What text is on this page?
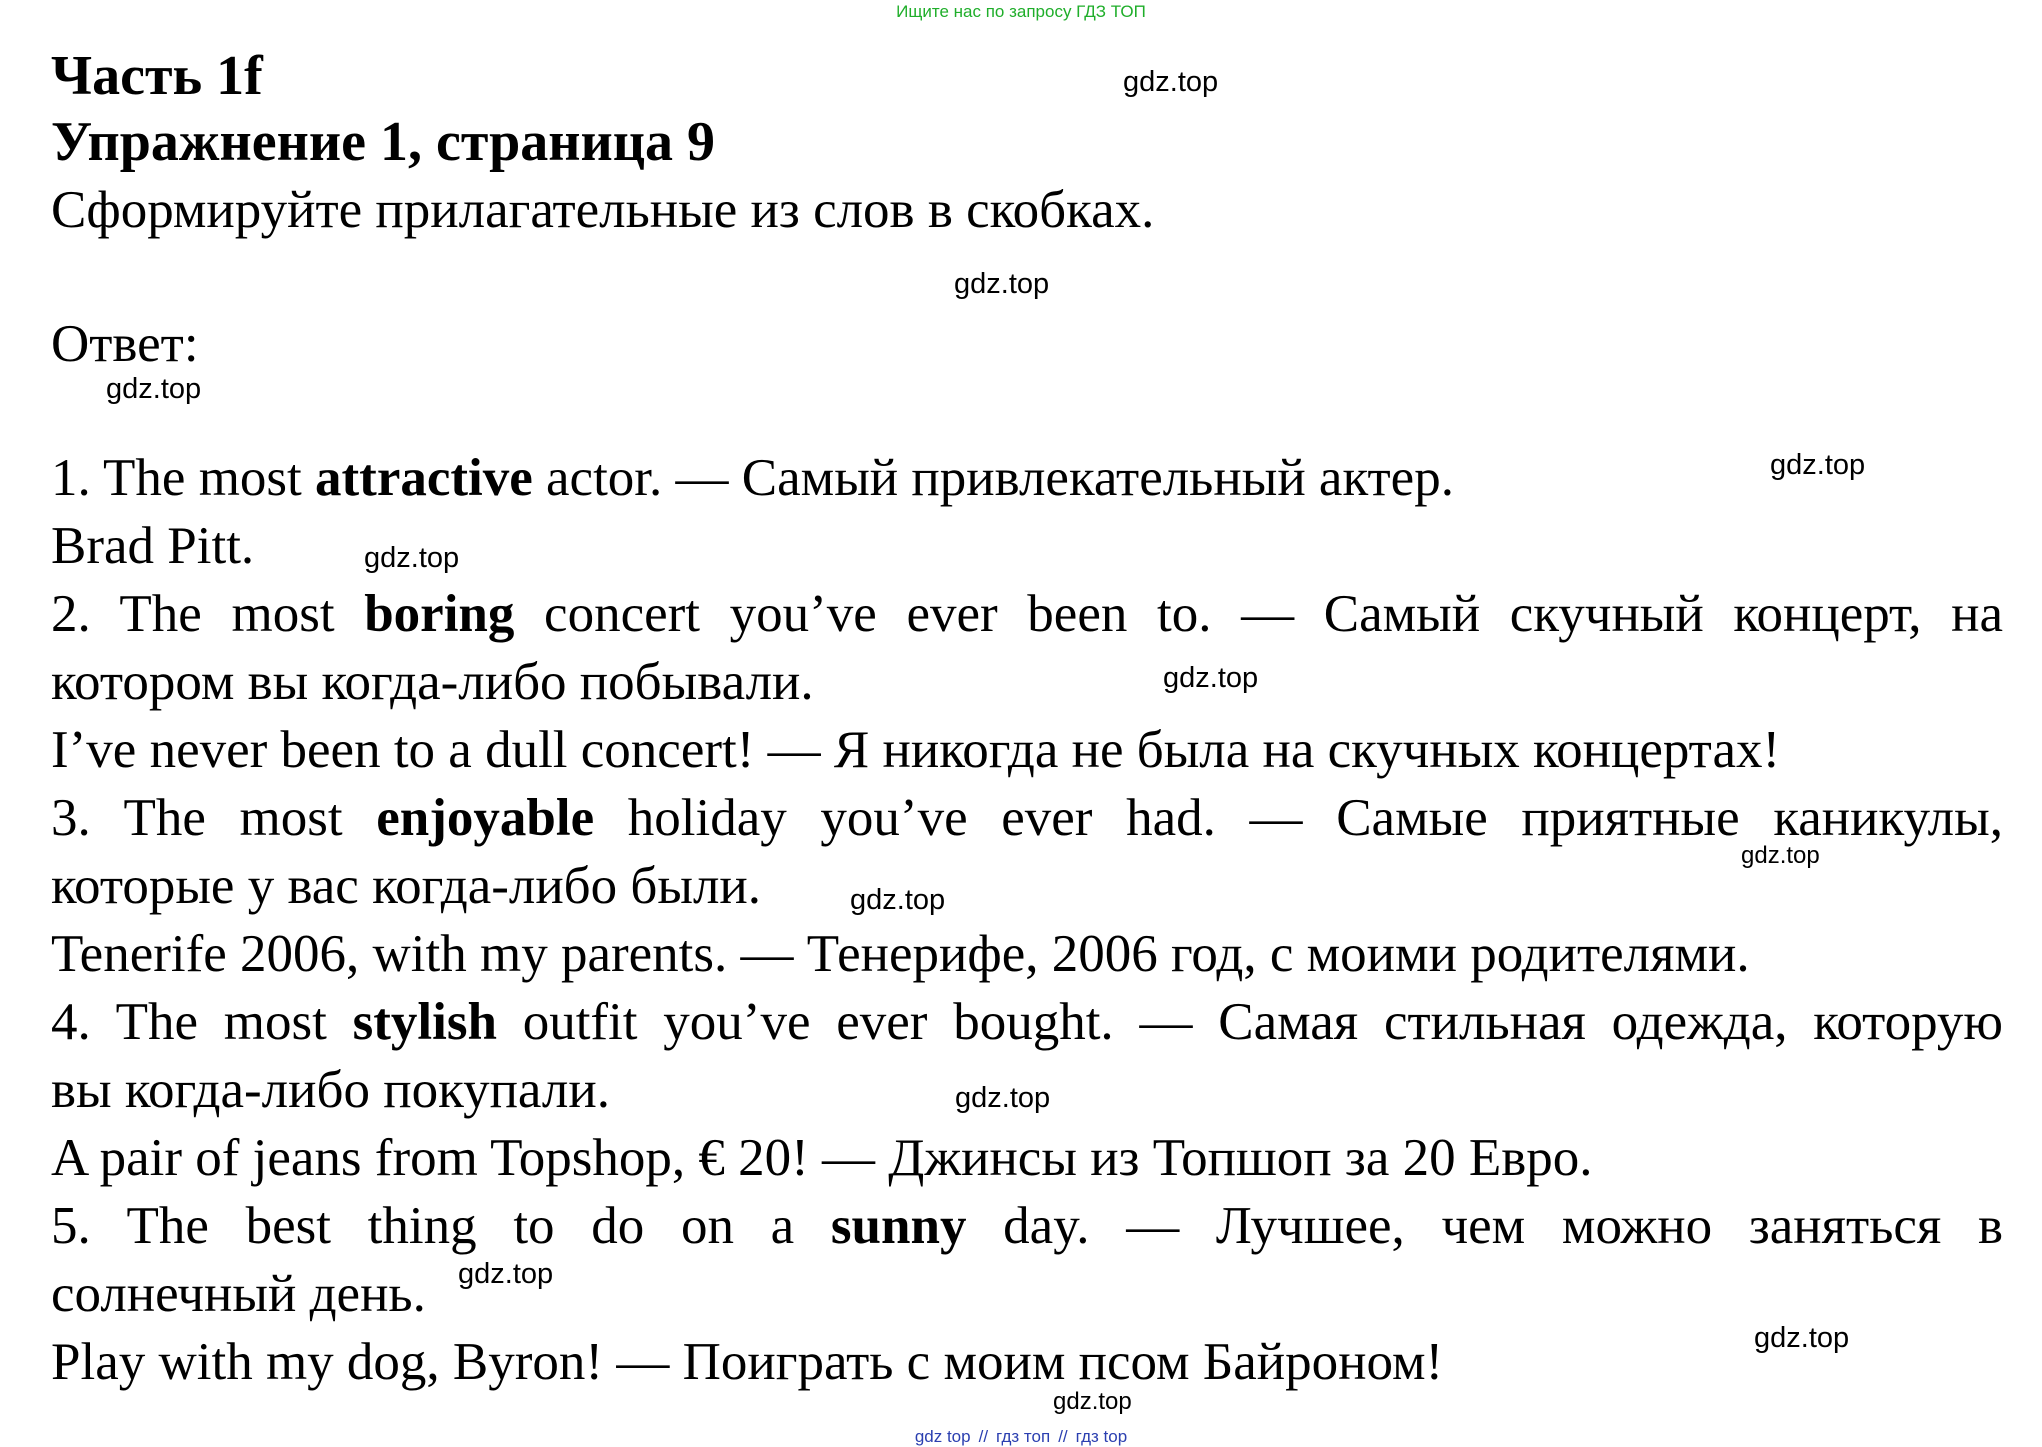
Ищите нас по запросу ГДЗ ТОП
Часть 1f
Упражнение 1, страница 9
Сформируйте прилагательные из слов в скобках.
Ответ:
1. The most attractive actor. — Самый привлекательный актер.
Brad Pitt.
2. The most boring concert you’ve ever been to. — Самый скучный концерт, на
котором вы когда-либо побывали.
I’ve never been to a dull concert! — Я никогда не была на скучных концертах!
3. The most enjoyable holiday you’ve ever had. — Самые приятные каникулы,
которые у вас когда-либо были.
Tenerife 2006, with my parents. — Тенерифе, 2006 год, с моими родителями.
4. The most stylish outfit you’ve ever bought. — Самая стильная одежда, которую
вы когда-либо покупали.
A pair of jeans from Topshop, € 20! — Джинсы из Топшоп за 20 Евро.
5. The best thing to do on a sunny day. — Лучшее, чем можно заняться в
солнечный день.
Play with my dog, Byron! — Поиграть с моим псом Байроном!
gdz.top
gdz.top
gdz.top
gdz.top
gdz.top
gdz.top
gdz.top
gdz.top
gdz.top
gdz.top
gdz.top
gdz.top
gdz top // гдз топ // гдз top
